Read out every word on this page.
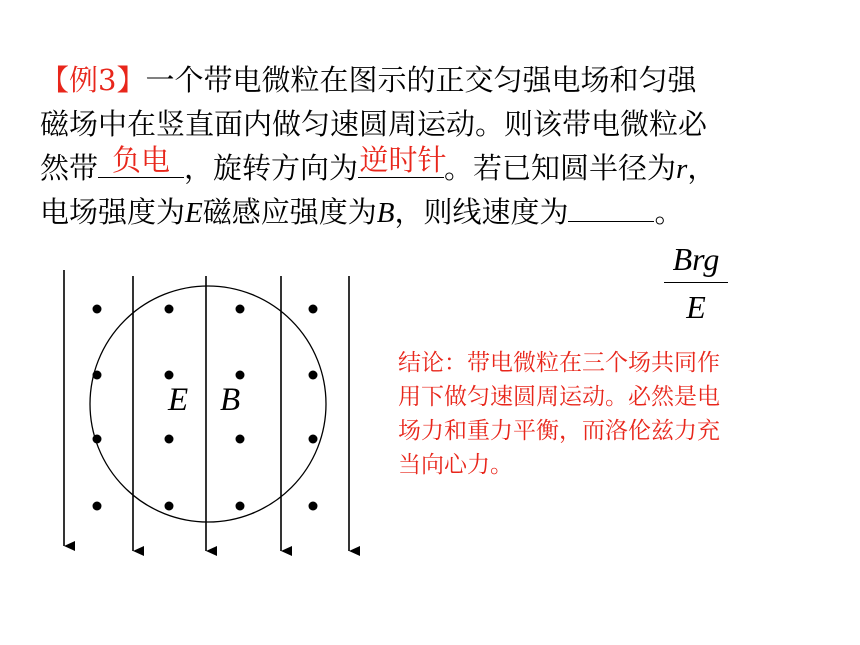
【例3】一个带电微粒在图示的正交匀强电场和匀强
磁场中在竖直面内做匀速圆周运动。则该带电微粒必
然带 负电 ，旋转方向为 逆时针
。若已知圆半径为r，
电场强度为E磁感应强度为B，则线速度为	。
Brg
E
E B
结论：带电微粒在三个场共同作
用下做匀速圆周运动。必然是电
场力和重力平衡，而洛伦兹力充
当向心力。
